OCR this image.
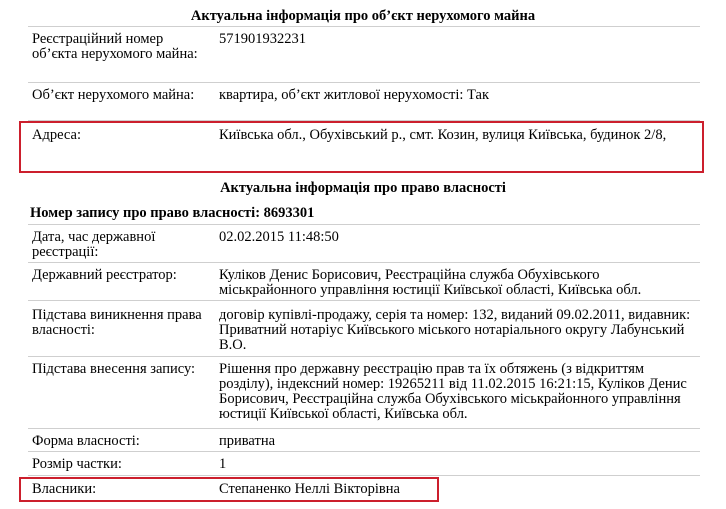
Актуальна інформація про об’єкт нерухомого майна
Реєстраційний номер об’єкта нерухомого майна:
571901932231
Об’єкт нерухомого майна:	квартира, об’єкт житлової нерухомості: Так
Адреса:	Київська обл., Обухівський р., смт. Козин, вулиця Київська, будинок 2/8,
Актуальна інформація про право власності
Номер запису про право власності: 8693301
Дата, час державної реєстрації:
02.02.2015 11:48:50
Державний реєстратор:	Куліков Денис Борисович, Реєстраційна служба Обухівського міськрайонного управління юстиції Київської області, Київська обл.
Підстава виникнення права власності:
договір купівлі-продажу, серія та номер: 132, виданий 09.02.2011, видавник: Приватний нотаріус Київського міського нотаріального округу Лабунський В.О.
Підстава внесення запису:	Рішення про державну реєстрацію прав та їх обтяжень (з відкриттям розділу), індексний номер: 19265211 від 11.02.2015 16:21:15, Куліков Денис Борисович, Реєстраційна служба Обухівського міськрайонного управління юстиції Київської області, Київська обл.
Форма власності:	приватна
Розмір частки:	1
Власники:	Степаненко Неллі Вікторівна
